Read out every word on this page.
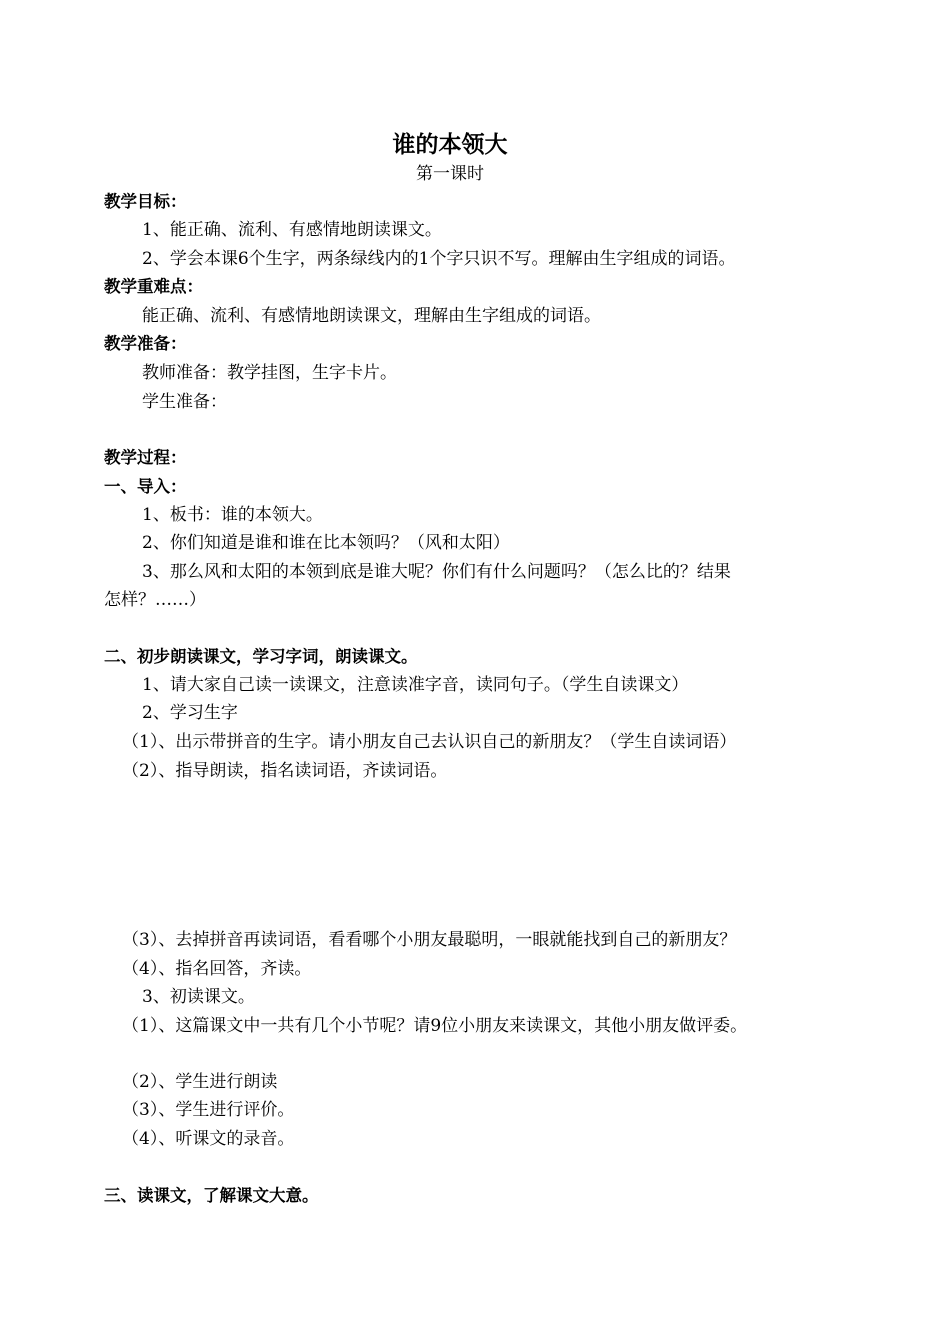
谁的本领大
第一课时
教学目标：
1、能正确、流利、有感情地朗读课文。
2、学会本课6个生字，两条绿线内的1个字只识不写。理解由生字组成的词语。
教学重难点：
能正确、流利、有感情地朗读课文，理解由生字组成的词语。
教学准备：
教师准备：教学挂图，生字卡片。
学生准备：
教学过程：
一、导入：
1、板书：谁的本领大。
2、你们知道是谁和谁在比本领吗？（风和太阳）
3、那么风和太阳的本领到底是谁大呢？你们有什么问题吗？（怎么比的？结果
怎样？……）
二、初步朗读课文，学习字词，朗读课文。
1、请大家自己读一读课文，注意读准字音，读同句子。（学生自读课文）
2、学习生字
（1）、出示带拼音的生字。请小朋友自己去认识自己的新朋友？（学生自读词语）
（2）、指导朗读，指名读词语，齐读词语。
（3）、去掉拼音再读词语，看看哪个小朋友最聪明，一眼就能找到自己的新朋友？
（4）、指名回答，齐读。
3、初读课文。
（1）、这篇课文中一共有几个小节呢？请9位小朋友来读课文，其他小朋友做评委。
（2）、学生进行朗读
（3）、学生进行评价。
（4）、听课文的录音。
三、读课文，了解课文大意。
